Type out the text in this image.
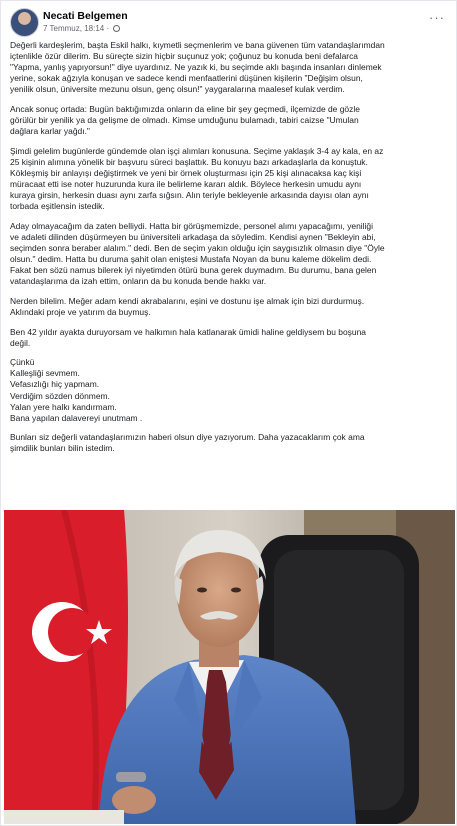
Necati Belgemen
7 Temmuz, 18:14 ·
···

Değerli kardeşlerim, başta Eskil halkı, kıymetli seçmenlerim ve bana güvenen tüm vatandaşlarımdan
içtenlikle özür dilerim. Bu süreçte sizin hiçbir suçunuz yok; çoğunuz bu konuda beni defalarca
"Yapma, yanlış yapıyorsun!" diye uyardınız. Ne yazık ki, bu seçimde aklı başında insanları dinlemek
yerine, sokak ağzıyla konuşan ve sadece kendi menfaatlerini düşünen kişilerin "Değişim olsun,
yenilik olsun, üniversite mezunu olsun, genç olsun!" yaygaralarına maalesef kulak verdim.

Ancak sonuç ortada: Bugün baktığımızda onların da eline bir şey geçmedi, ilçemizde de gözle
görülür bir yenilik ya da gelişme de olmadı. Kimse umduğunu bulamadı, tabiri caizse "Umulan
dağlara karlar yağdı."

Şimdi gelelim bugünlerde gündemde olan işçi alımları konusuna. Seçime yaklaşık 3-4 ay kala, en az
25 kişinin alımına yönelik bir başvuru süreci başlattık. Bu konuyu bazı arkadaşlarla da konuştuk.
Kökleşmiş bir anlayışı değiştirmek ve yeni bir örnek oluşturması için 25 kişi alınacaksa kaç kişi
müracaat etti ise noter huzurunda kura ile belirleme kararı aldık. Böylece herkesin umudu aynı
kuraya girsin, herkesin duası aynı zarfa sığsın. Alın teriyle bekleyenle arkasında dayısı olan aynı
torbada eşitlensin istedik.

Aday olmayacağım da zaten belliydi. Hatta bir görüşmemizde, personel alımı yapacağımı, yeniliği
ve adaleti dilinden düşürmeyen bu üniversiteli arkadaşa da söyledim. Kendisi aynen "Bekleyin abi,
seçimden sonra beraber alalım." dedi. Ben de seçim yakın olduğu için saygısızlık olmasın diye "Öyle
olsun." dedim. Hatta bu duruma şahit olan eniştesi Mustafa Noyan da bunu kaleme dökelim dedi.
Fakat ben sözü namus bilerek iyi niyetimden ötürü buna gerek duymadım. Bu durumu, bana gelen
vatandaşlarıma da izah ettim, onların da bu konuda bende hakkı var.

Nerden bilelim. Meğer adam kendi akrabalarını, eşini ve dostunu işe almak için bizi durdurmuş.
Aklındaki proje ve yatırım da buymuş.

Ben 42 yıldır ayakta duruyorsam ve halkımın hala katlanarak ümidi haline geldiysem bu boşuna
değil.

Çünkü
Kalleşliği sevmem.
Vefasızlığı hiç yapmam.
Verdiğim sözden dönmem.
Yalan yere halkı kandırmam.
Bana yapılan dalavereyi unutmam .

Bunları siz değerli vatandaşlarımızın haberi olsun diye yazıyorum. Daha yazacaklarım çok ama
şimdilik bunları bilin istedim.
